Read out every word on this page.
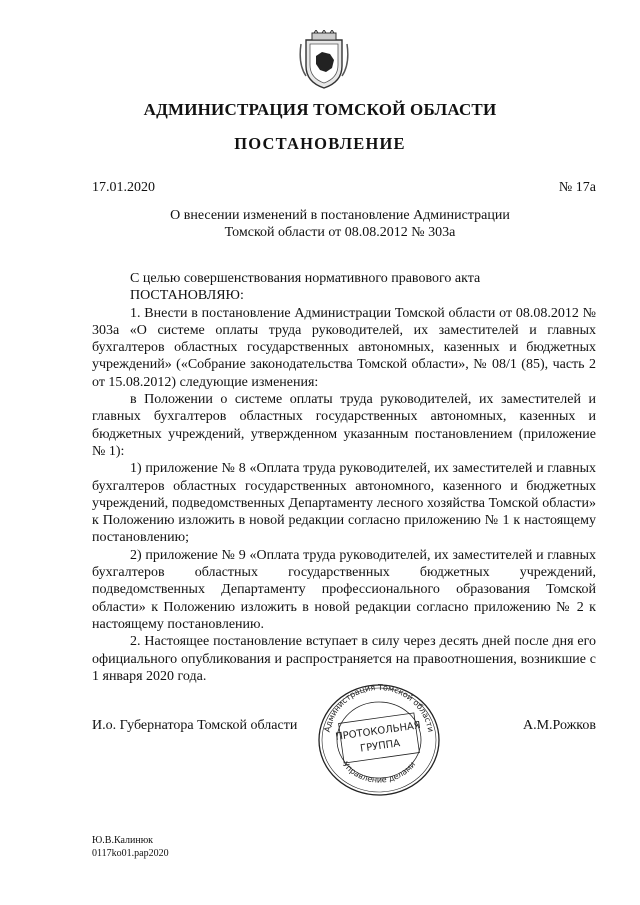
АДМИНИСТРАЦИЯ ТОМСКОЙ ОБЛАСТИ
ПОСТАНОВЛЕНИЕ
17.01.2020	№ 17а
О внесении изменений в постановление Администрации
Томской области от 08.08.2012 № 303а

С целью совершенствования нормативного правового акта

ПОСТАНОВЛЯЮ:

1. Внести в постановление Администрации Томской области от 08.08.2012 № 303а «О системе оплаты труда руководителей, их заместителей и главных бухгалтеров областных государственных автономных, казенных и бюджетных учреждений» («Собрание законодательства Томской области», № 08/1 (85), часть 2 от 15.08.2012) следующие изменения:

в Положении о системе оплаты труда руководителей, их заместителей и главных бухгалтеров областных государственных автономных, казенных и бюджетных учреждений, утвержденном указанным постановлением (приложение № 1):

1) приложение № 8 «Оплата труда руководителей, их заместителей и главных бухгалтеров областных государственных автономного, казенного и бюджетных учреждений, подведомственных Департаменту лесного хозяйства Томской области» к Положению изложить в новой редакции согласно приложению № 1 к настоящему постановлению;

2) приложение № 9 «Оплата труда руководителей, их заместителей и главных бухгалтеров областных государственных бюджетных учреждений, подведомственных Департаменту профессионального образования Томской области» к Положению изложить в новой редакции согласно приложению № 2 к настоящему постановлению.

2. Настоящее постановление вступает в силу через десять дней после дня его официального опубликования и распространяется на правоотношения, возникшие с 1 января 2020 года.

И.о. Губернатора Томской области	А.М.Рожков
Администрация Томской области
Управление делами
ПРОТОКОЛЬНАЯ
ГРУППА
Ю.В.Калинюк
0117ko01.рар2020
